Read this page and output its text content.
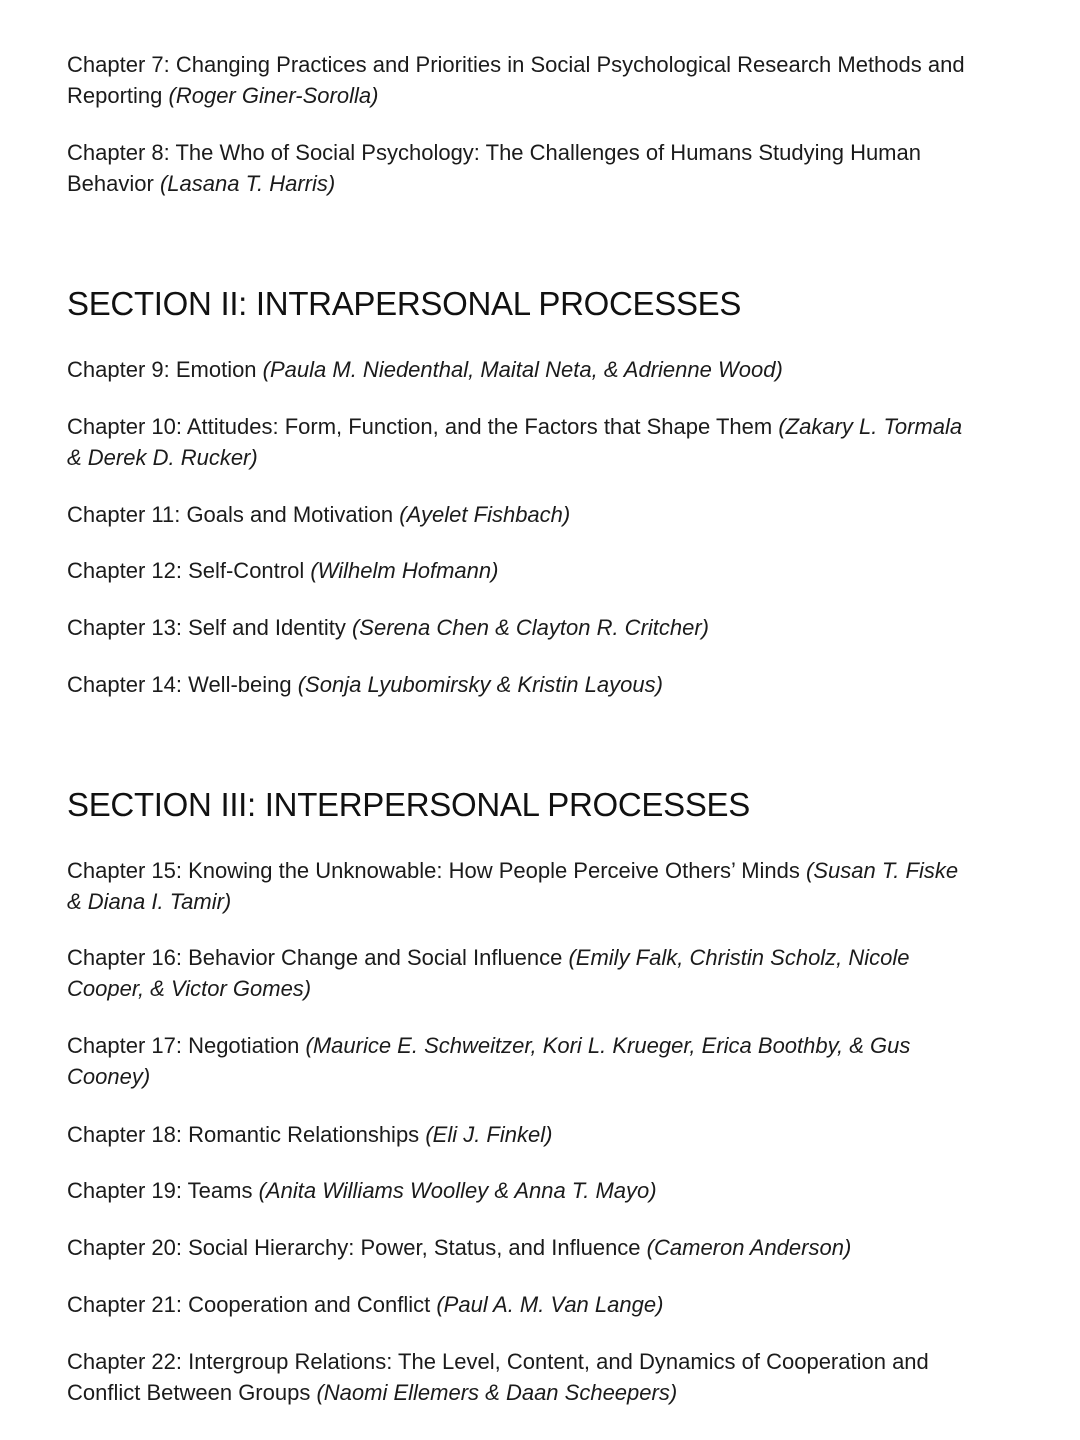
Chapter 7: Changing Practices and Priorities in Social Psychological Research Methods and Reporting (Roger Giner-Sorolla)

Chapter 8: The Who of Social Psychology: The Challenges of Humans Studying Human Behavior (Lasana T. Harris)

SECTION II: INTRAPERSONAL PROCESSES

Chapter 9: Emotion (Paula M. Niedenthal, Maital Neta, & Adrienne Wood)

Chapter 10: Attitudes: Form, Function, and the Factors that Shape Them (Zakary L. Tormala & Derek D. Rucker)

Chapter 11: Goals and Motivation (Ayelet Fishbach)

Chapter 12: Self-Control (Wilhelm Hofmann)

Chapter 13: Self and Identity (Serena Chen & Clayton R. Critcher)

Chapter 14: Well-being (Sonja Lyubomirsky & Kristin Layous)

SECTION III: INTERPERSONAL PROCESSES

Chapter 15: Knowing the Unknowable: How People Perceive Others’ Minds (Susan T. Fiske & Diana I. Tamir)

Chapter 16: Behavior Change and Social Influence (Emily Falk, Christin Scholz, Nicole Cooper, & Victor Gomes)

Chapter 17: Negotiation (Maurice E. Schweitzer, Kori L. Krueger, Erica Boothby, & Gus Cooney)

Chapter 18: Romantic Relationships (Eli J. Finkel)

Chapter 19: Teams (Anita Williams Woolley & Anna T. Mayo)

Chapter 20: Social Hierarchy: Power, Status, and Influence (Cameron Anderson)

Chapter 21: Cooperation and Conflict (Paul A. M. Van Lange)

Chapter 22: Intergroup Relations: The Level, Content, and Dynamics of Cooperation and Conflict Between Groups (Naomi Ellemers & Daan Scheepers)
